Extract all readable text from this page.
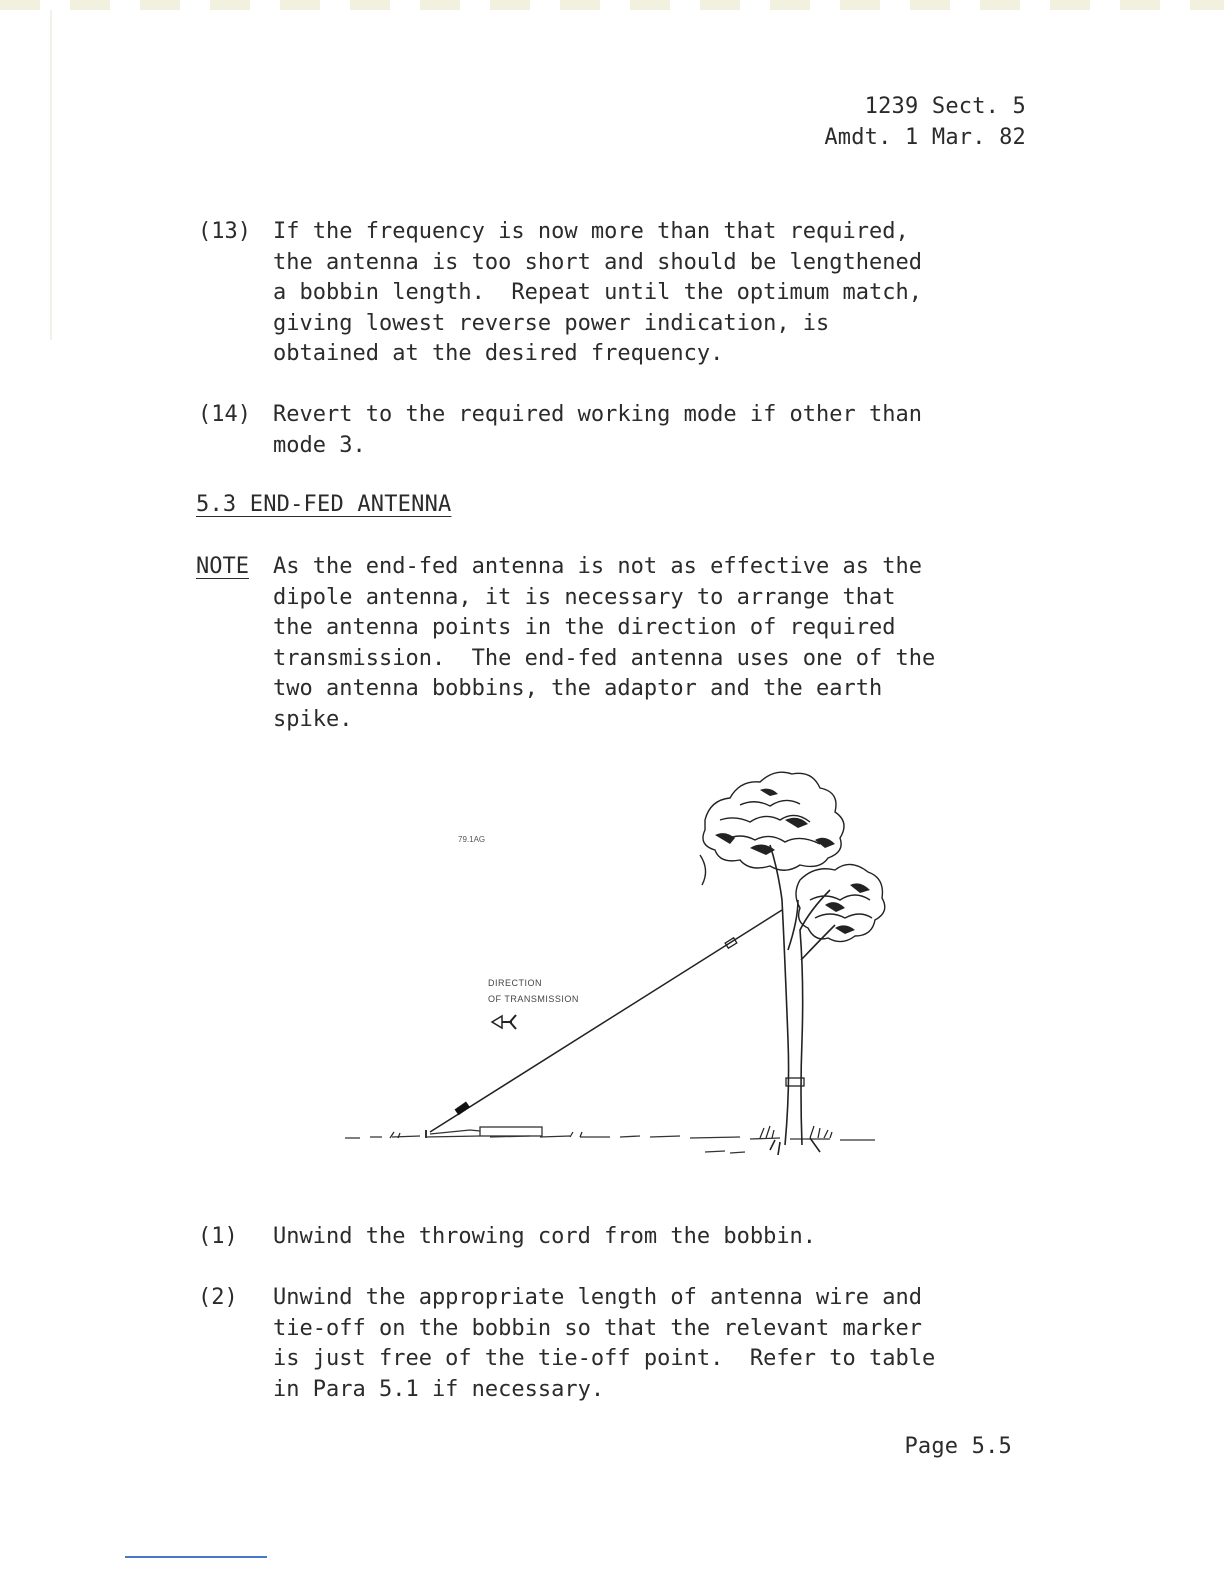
1239 Sect. 5
Amdt. 1 Mar. 82
(13) If the frequency is now more than that required,
the antenna is too short and should be lengthened
a bobbin length.  Repeat until the optimum match,
giving lowest reverse power indication, is
obtained at the desired frequency.
(14) Revert to the required working mode if other than
mode 3.
5.3 END-FED ANTENNA
NOTE As the end-fed antenna is not as effective as the
dipole antenna, it is necessary to arrange that
the antenna points in the direction of required
transmission.  The end-fed antenna uses one of the
two antenna bobbins, the adaptor and the earth
spike.
DIRECTION
OF TRANSMISSION
79.1AG
(1) Unwind the throwing cord from the bobbin.
(2) Unwind the appropriate length of antenna wire and
tie-off on the bobbin so that the relevant marker
is just free of the tie-off point.  Refer to table
in Para 5.1 if necessary.
Page 5.5
